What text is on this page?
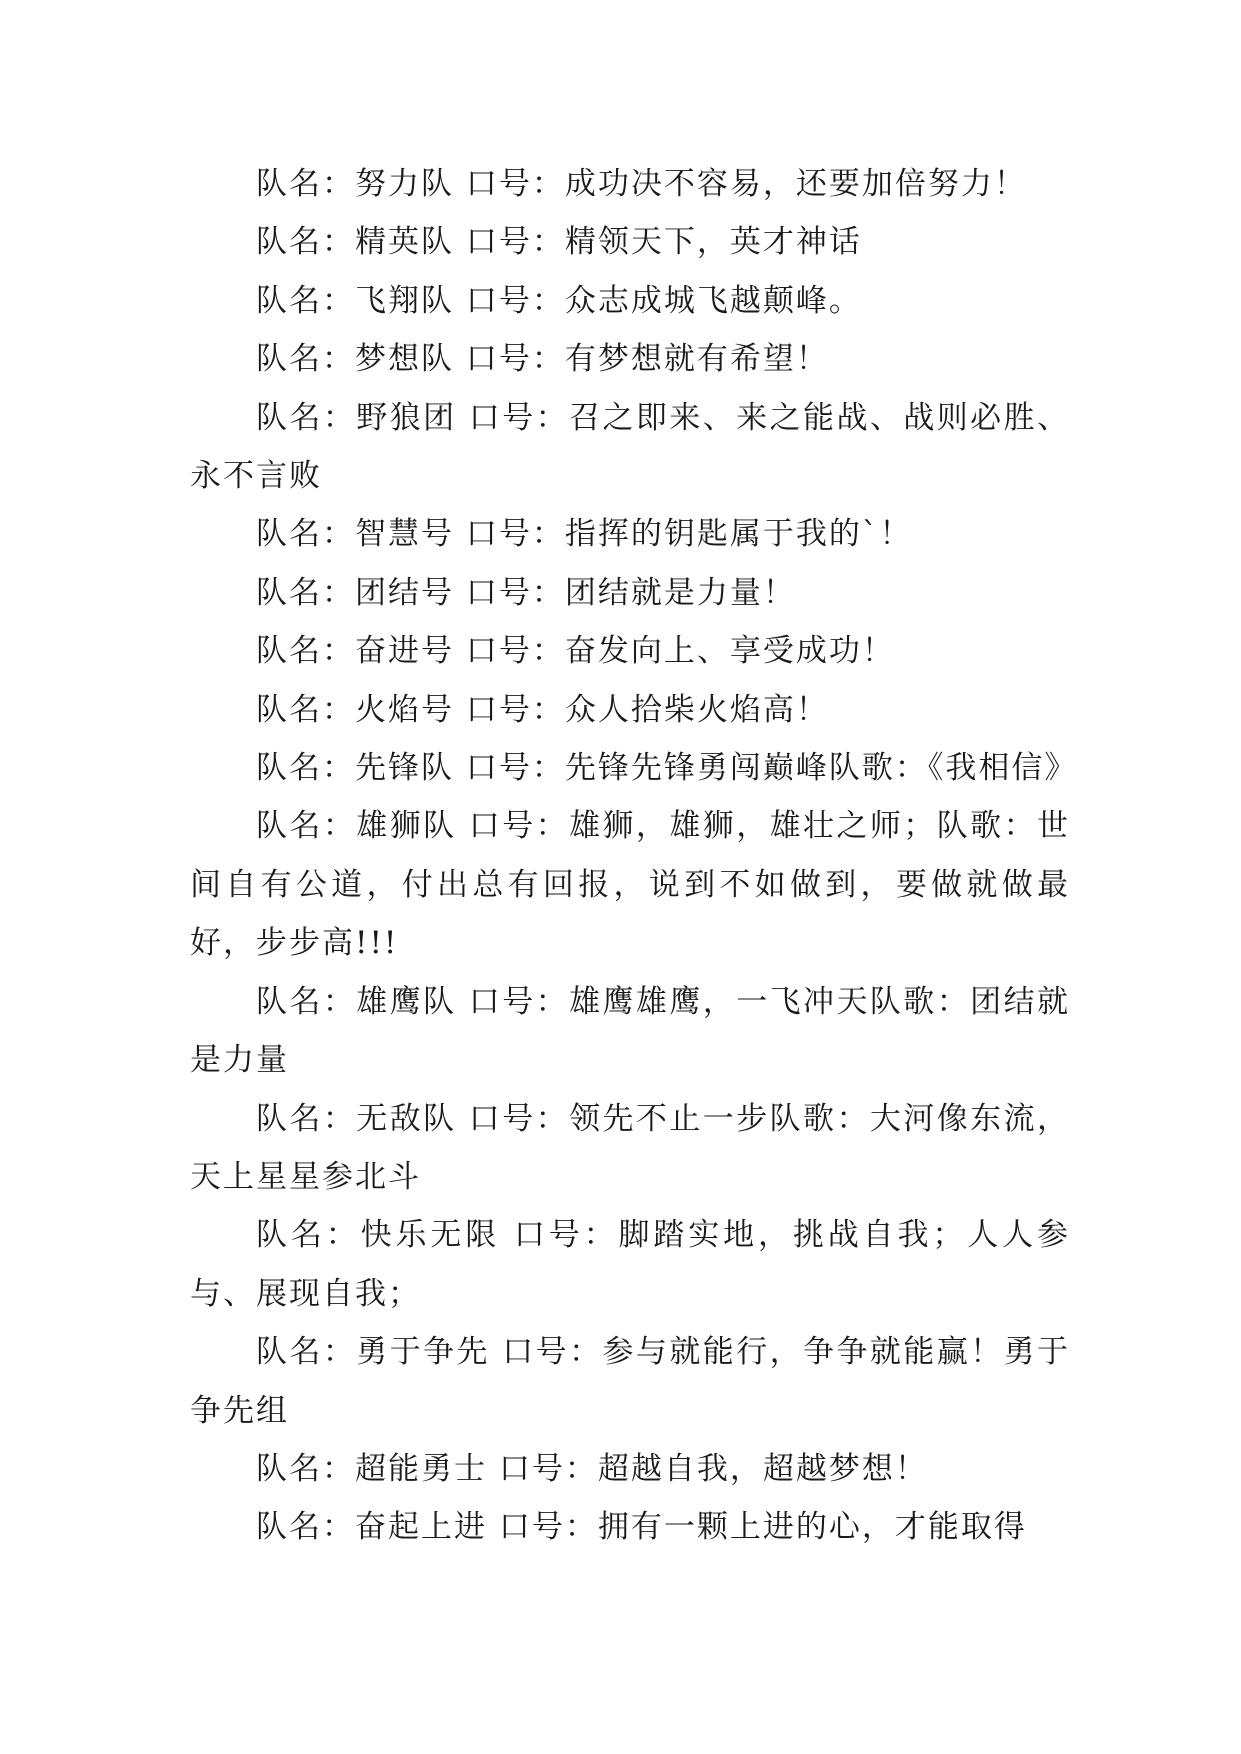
队名：努力队 口号：成功决不容易，还要加倍努力！

队名：精英队 口号：精领天下，英才神话

队名：飞翔队 口号：众志成城飞越颠峰。

队名：梦想队 口号：有梦想就有希望！

队名：野狼团 口号：召之即来、来之能战、战则必胜、永不言败

队名：智慧号 口号：指挥的钥匙属于我的`！

队名：团结号 口号：团结就是力量！

队名：奋进号 口号：奋发向上、享受成功！

队名：火焰号 口号：众人拾柴火焰高！

队名：先锋队 口号：先锋先锋勇闯巅峰队歌：《我相信》

队名：雄狮队 口号：雄狮，雄狮，雄壮之师；队歌：世间自有公道，付出总有回报，说到不如做到，要做就做最好，步步高!!!

队名：雄鹰队 口号：雄鹰雄鹰，一飞冲天队歌：团结就是力量

队名：无敌队 口号：领先不止一步队歌：大河像东流，天上星星参北斗

队名：快乐无限 口号：脚踏实地，挑战自我；人人参与、展现自我；

队名：勇于争先 口号：参与就能行，争争就能赢！勇于争先组

队名：超能勇士 口号：超越自我，超越梦想！

队名：奋起上进 口号：拥有一颗上进的心，才能取得
